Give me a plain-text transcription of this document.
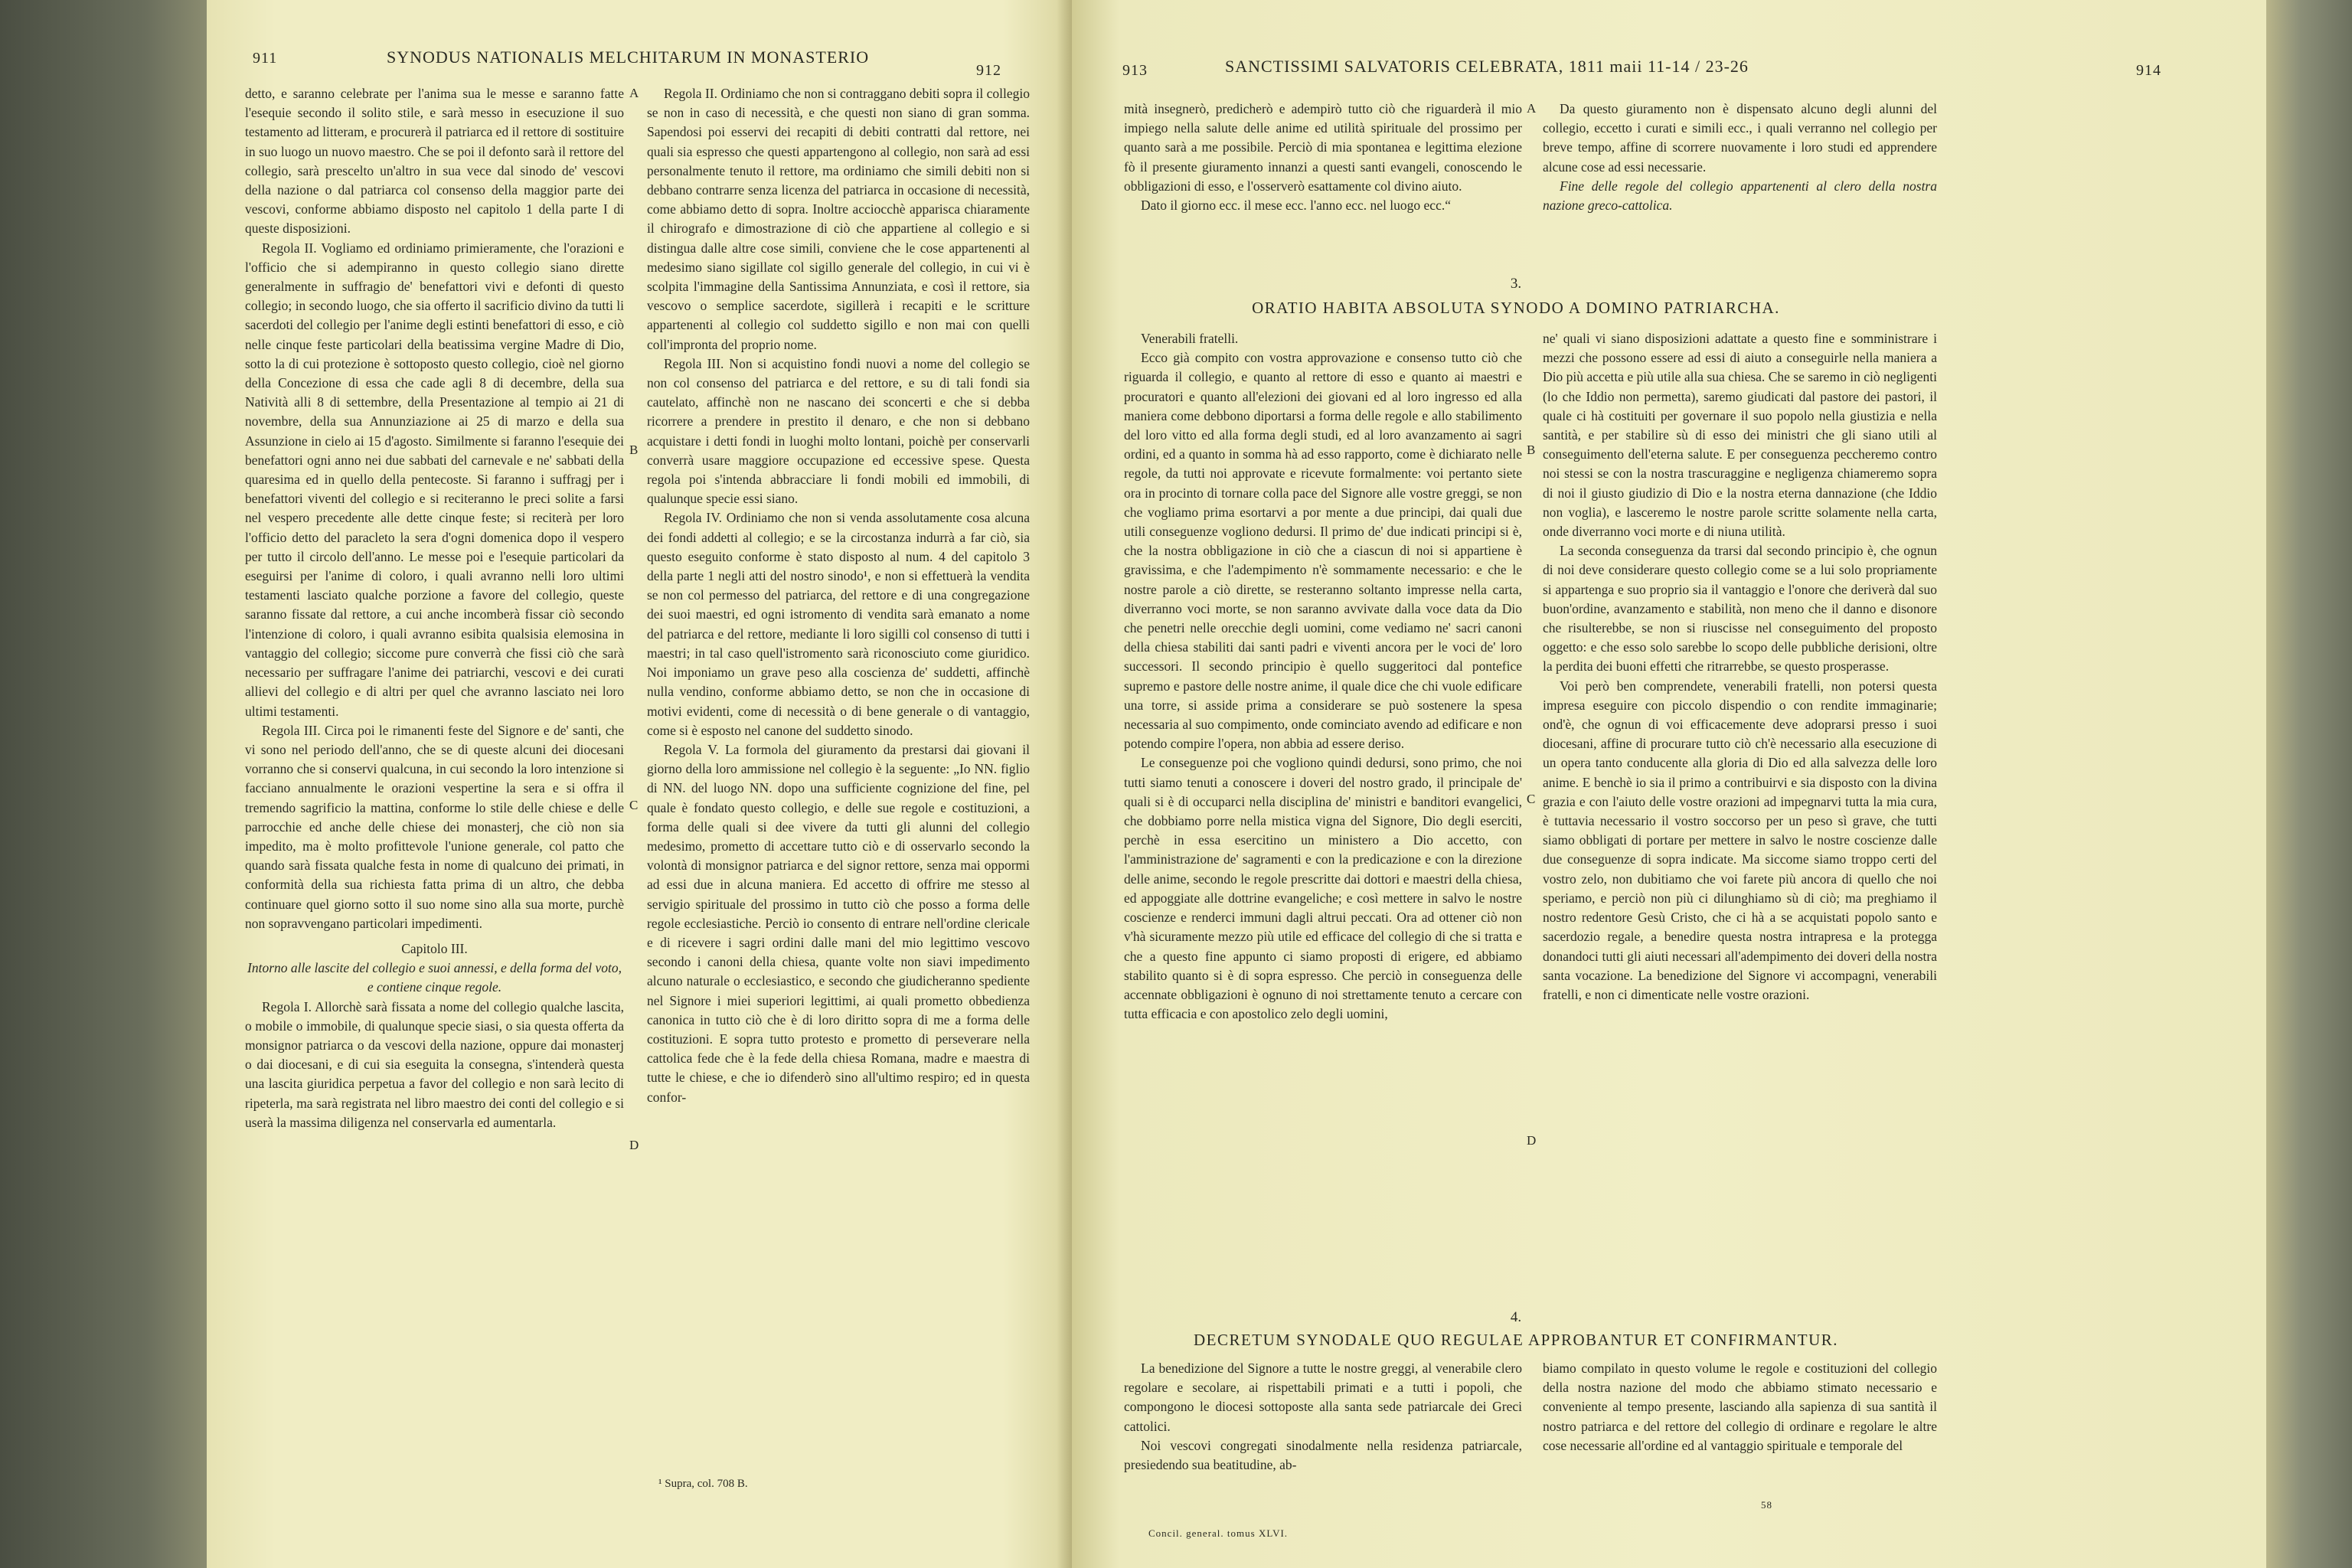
911	SYNODUS NATIONALIS MELCHITARUM IN MONASTERIO
912

detto, e saranno celebrate per l'anima sua le messe e saranno fatte l'esequie secondo il solito stile, e sarà messo in esecuzione il suo testamento ad litteram, e procurerà il patriarca ed il rettore di sostituire in suo luogo un nuovo maestro. Che se poi il defonto sarà il rettore del collegio, sarà prescelto un'altro in sua vece dal sinodo de' vescovi della nazione o dal patriarca col consenso della maggior parte dei vescovi, conforme abbiamo disposto nel capitolo 1 della parte I di queste disposizioni.

Regola II. Vogliamo ed ordiniamo primieramente, che l'orazioni e l'officio che si adempiranno in questo collegio siano dirette generalmente in suffragio de' benefattori vivi e defonti di questo collegio; in secondo luogo, che sia offerto il sacrificio divino da tutti li sacerdoti del collegio per l'anime degli estinti benefattori di esso, e ciò nelle cinque feste particolari della beatissima vergine Madre di Dio, sotto la di cui protezione è sottoposto questo collegio, cioè nel giorno della Concezione di essa che cade agli 8 di decembre, della sua Natività alli 8 di settembre, della Presentazione al tempio ai 21 di novembre, della sua Annunziazione ai 25 di marzo e della sua Assunzione in cielo ai 15 d'agosto. Similmente si faranno l'esequie dei benefattori ogni anno nei due sabbati del carnevale e ne' sabbati della quaresima ed in quello della pentecoste. Si faranno i suffragj per i benefattori viventi del collegio e si reciteranno le preci solite a farsi nel vespero precedente alle dette cinque feste; si reciterà per loro l'officio detto del paracleto la sera d'ogni domenica dopo il vespero per tutto il circolo dell'anno. Le messe poi e l'esequie particolari da eseguirsi per l'anime di coloro, i quali avranno nelli loro ultimi testamenti lasciato qualche porzione a favore del collegio, queste saranno fissate dal rettore, a cui anche incomberà fissar ciò secondo l'intenzione di coloro, i quali avranno esibita qualsisia elemosina in vantaggio del collegio; siccome pure converrà che fissi ciò che sarà necessario per suffragare l'anime dei patriarchi, vescovi e dei curati allievi del collegio e di altri per quel che avranno lasciato nei loro ultimi testamenti.

Regola III. Circa poi le rimanenti feste del Signore e de' santi, che vi sono nel periodo dell'anno, che se di queste alcuni dei diocesani vorranno che si conservi qualcuna, in cui secondo la loro intenzione si facciano annualmente le orazioni vespertine la sera e si offra il tremendo sagrificio la mattina, conforme lo stile delle chiese e delle parrocchie ed anche delle chiese dei monasterj, che ciò non sia impedito, ma è molto profittevole l'unione generale, col patto che quando sarà fissata qualche festa in nome di qualcuno dei primati, in conformità della sua richiesta fatta prima di un altro, che debba continuare quel giorno sotto il suo nome sino alla sua morte, purchè non sopravvengano particolari impedimenti.

Capitolo III.

Intorno alle lascite del collegio e suoi annessi, e della forma del voto, e contiene cinque regole.

Regola I. Allorchè sarà fissata a nome del collegio qualche lascita, o mobile o immobile, di qualunque specie siasi, o sia questa offerta da monsignor patriarca o da vescovi della nazione, oppure dai monasterj o dai diocesani, e di cui sia eseguita la consegna, s'intenderà questa una lascita giuridica perpetua a favor del collegio e non sarà lecito di ripeterla, ma sarà registrata nel libro maestro dei conti del collegio e si userà la massima diligenza nel conservarla ed aumentarla.

Regola II. Ordiniamo che non si contraggano debiti sopra il collegio se non in caso di necessità, e che questi non siano di gran somma. Sapendosi poi esservi dei recapiti di debiti contratti dal rettore, nei quali sia espresso che questi appartengono al collegio, non sarà ad essi personalmente tenuto il rettore, ma ordiniamo che simili debiti non si debbano contrarre senza licenza del patriarca in occasione di necessità, come abbiamo detto di sopra. Inoltre acciocchè apparisca chiaramente il chirografo e dimostrazione di ciò che appartiene al collegio e si distingua dalle altre cose simili, conviene che le cose appartenenti al medesimo siano sigillate col sigillo generale del collegio, in cui vi è scolpita l'immagine della Santissima Annunziata, e così il rettore, sia vescovo o semplice sacerdote, sigillerà i recapiti e le scritture appartenenti al collegio col suddetto sigillo e non mai con quelli coll'impronta del proprio nome.

Regola III. Non si acquistino fondi nuovi a nome del collegio se non col consenso del patriarca e del rettore, e su di tali fondi sia cautelato, affinchè non ne nascano dei sconcerti e che si debba ricorrere a prendere in prestito il denaro, e che non si debbano acquistare i detti fondi in luoghi molto lontani, poichè per conservarli converrà usare maggiore occupazione ed eccessive spese. Questa regola poi s'intenda abbracciare li fondi mobili ed immobili, di qualunque specie essi siano.

Regola IV. Ordiniamo che non si venda assolutamente cosa alcuna dei fondi addetti al collegio; e se la circostanza indurrà a far ciò, sia questo eseguito conforme è stato disposto al num. 4 del capitolo 3 della parte 1 negli atti del nostro sinodo¹, e non si effettuerà la vendita se non col permesso del patriarca, del rettore e di una congregazione dei suoi maestri, ed ogni istromento di vendita sarà emanato a nome del patriarca e del rettore, mediante li loro sigilli col consenso di tutti i maestri; in tal caso quell'istromento sarà riconosciuto come giuridico. Noi imponiamo un grave peso alla coscienza de' suddetti, affinchè nulla vendino, conforme abbiamo detto, se non che in occasione di motivi evidenti, come di necessità o di bene generale o di vantaggio, come si è esposto nel canone del suddetto sinodo.

Regola V. La formola del giuramento da prestarsi dai giovani il giorno della loro ammissione nel collegio è la seguente: „Io NN. figlio di NN. del luogo NN. dopo una sufficiente cognizione del fine, pel quale è fondato questo collegio, e delle sue regole e costituzioni, a forma delle quali si dee vivere da tutti gli alunni del collegio medesimo, prometto di accettare tutto ciò e di osservarlo secondo la volontà di monsignor patriarca e del signor rettore, senza mai oppormi ad essi due in alcuna maniera. Ed accetto di offrire me stesso al servigio spirituale del prossimo in tutto ciò che posso a forma delle regole ecclesiastiche. Perciò io consento di entrare nell'ordine clericale e di ricevere i sagri ordini dalle mani del mio legittimo vescovo secondo i canoni della chiesa, quante volte non siavi impedimento alcuno naturale o ecclesiastico, e secondo che giudicheranno spediente nel Signore i miei superiori legittimi, ai quali prometto obbedienza canonica in tutto ciò che è di loro diritto sopra di me a forma delle costituzioni. E sopra tutto protesto e prometto di perseverare nella cattolica fede che è la fede della chiesa Romana, madre e maestra di tutte le chiese, e che io difenderò sino all'ultimo respiro; ed in questa confor-

¹ Supra, col. 708 B.
A
B
C
D
913	SANCTISSIMI SALVATORIS CELEBRATA, 1811 maii 11-14 / 23-26	914

mità insegnerò, predicherò e adempirò tutto ciò che riguarderà il mio impiego nella salute delle anime ed utilità spirituale del prossimo per quanto sarà a me possibile. Perciò di mia spontanea e legittima elezione fò il presente giuramento innanzi a questi santi evangeli, conoscendo le obbligazioni di esso, e l'osserverò esattamente col divino aiuto.

Dato il giorno ecc. il mese ecc. l'anno ecc. nel luogo ecc.“

Da questo giuramento non è dispensato alcuno degli alunni del collegio, eccetto i curati e simili ecc., i quali verranno nel collegio per breve tempo, affine di scorrere nuovamente i loro studi ed apprendere alcune cose ad essi necessarie.

Fine delle regole del collegio appartenenti al clero della nostra nazione greco-cattolica.

3.
ORATIO HABITA ABSOLUTA SYNODO A DOMINO PATRIARCHA.

Venerabili fratelli.

Ecco già compito con vostra approvazione e consenso tutto ciò che riguarda il collegio, e quanto al rettore di esso e quanto ai maestri e procuratori e quanto all'elezioni dei giovani ed al loro ingresso ed alla maniera come debbono diportarsi a forma delle regole e allo stabilimento del loro vitto ed alla forma degli studi, ed al loro avanzamento ai sagri ordini, ed a quanto in somma hà ad esso rapporto, come è dichiarato nelle regole, da tutti noi approvate e ricevute formalmente: voi pertanto siete ora in procinto di tornare colla pace del Signore alle vostre greggi, se non che vogliamo prima esortarvi a por mente a due principi, dai quali due utili conseguenze vogliono dedursi. Il primo de' due indicati principi si è, che la nostra obbligazione in ciò che a ciascun di noi si appartiene è gravissima, e che l'adempimento n'è sommamente necessario: e che le nostre parole a ciò dirette, se resteranno soltanto impresse nella carta, diverranno voci morte, se non saranno avvivate dalla voce data da Dio che penetri nelle orecchie degli uomini, come vediamo ne' sacri canoni della chiesa stabiliti dai santi padri e viventi ancora per le voci de' loro successori. Il secondo principio è quello suggeritoci dal pontefice supremo e pastore delle nostre anime, il quale dice che chi vuole edificare una torre, si asside prima a considerare se può sostenere la spesa necessaria al suo compimento, onde cominciato avendo ad edificare e non potendo compire l'opera, non abbia ad essere deriso.

Le conseguenze poi che vogliono quindi dedursi, sono primo, che noi tutti siamo tenuti a conoscere i doveri del nostro grado, il principale de' quali si è di occuparci nella disciplina de' ministri e banditori evangelici, che dobbiamo porre nella mistica vigna del Signore, Dio degli eserciti, perchè in essa esercitino un ministero a Dio accetto, con l'amministrazione de' sagramenti e con la predicazione e con la direzione delle anime, secondo le regole prescritte dai dottori e maestri della chiesa, ed appoggiate alle dottrine evangeliche; e così mettere in salvo le nostre coscienze e renderci immuni dagli altrui peccati. Ora ad ottener ciò non v'hà sicuramente mezzo più utile ed efficace del collegio di che si tratta e che a questo fine appunto ci siamo proposti di erigere, ed abbiamo stabilito quanto si è di sopra espresso. Che perciò in conseguenza delle accennate obbligazioni è ognuno di noi strettamente tenuto a cercare con tutta efficacia e con apostolico zelo degli uomini,

ne' quali vi siano disposizioni adattate a questo fine e somministrare i mezzi che possono essere ad essi di aiuto a conseguirle nella maniera a Dio più accetta e più utile alla sua chiesa. Che se saremo in ciò negligenti (lo che Iddio non permetta), saremo giudicati dal pastore dei pastori, il quale ci hà costituiti per governare il suo popolo nella giustizia e nella santità, e per stabilire sù di esso dei ministri che gli siano utili al conseguimento dell'eterna salute. E per conseguenza peccheremo contro noi stessi se con la nostra trascuraggine e negligenza chiameremo sopra di noi il giusto giudizio di Dio e la nostra eterna dannazione (che Iddio non voglia), e lasceremo le nostre parole scritte solamente nella carta, onde diverranno voci morte e di niuna utilità.

La seconda conseguenza da trarsi dal secondo principio è, che ognun di noi deve considerare questo collegio come se a lui solo propriamente si appartenga e suo proprio sia il vantaggio e l'onore che deriverà dal suo buon'ordine, avanzamento e stabilità, non meno che il danno e disonore che risulterebbe, se non si riuscisse nel conseguimento del proposto oggetto: e che esso solo sarebbe lo scopo delle pubbliche derisioni, oltre la perdita dei buoni effetti che ritrarrebbe, se questo prosperasse.

Voi però ben comprendete, venerabili fratelli, non potersi questa impresa eseguire con piccolo dispendio o con rendite immaginarie; ond'è, che ognun di voi efficacemente deve adoprarsi presso i suoi diocesani, affine di procurare tutto ciò ch'è necessario alla esecuzione di un opera tanto conducente alla gloria di Dio ed alla salvezza delle loro anime. E benchè io sia il primo a contribuirvi e sia disposto con la divina grazia e con l'aiuto delle vostre orazioni ad impegnarvi tutta la mia cura, è tuttavia necessario il vostro soccorso per un peso sì grave, che tutti siamo obbligati di portare per mettere in salvo le nostre coscienze dalle due conseguenze di sopra indicate. Ma siccome siamo troppo certi del vostro zelo, non dubitiamo che voi farete più ancora di quello che noi speriamo, e perciò non più ci dilunghiamo sù di ciò; ma preghiamo il nostro redentore Gesù Cristo, che ci hà a se acquistati popolo santo e sacerdozio regale, a benedire questa nostra intrapresa e la protegga donandoci tutti gli aiuti necessari all'adempimento dei doveri della nostra santa vocazione. La benedizione del Signore vi accompagni, venerabili fratelli, e non ci dimenticate nelle vostre orazioni.

4.
DECRETUM SYNODALE QUO REGULAE APPROBANTUR ET CONFIRMANTUR.

La benedizione del Signore a tutte le nostre greggi, al venerabile clero regolare e secolare, ai rispettabili primati e a tutti i popoli, che compongono le diocesi sottoposte alla santa sede patriarcale dei Greci cattolici.

Noi vescovi congregati sinodalmente nella residenza patriarcale, presiedendo sua beatitudine, ab-

biamo compilato in questo volume le regole e costituzioni del collegio della nostra nazione del modo che abbiamo stimato necessario e conveniente al tempo presente, lasciando alla sapienza di sua santità il nostro patriarca e del rettore del collegio di ordinare e regolare le altre cose necessarie all'ordine ed al vantaggio spirituale e temporale del

Concil. general. tomus XLVI.
58
A
B
C
D
